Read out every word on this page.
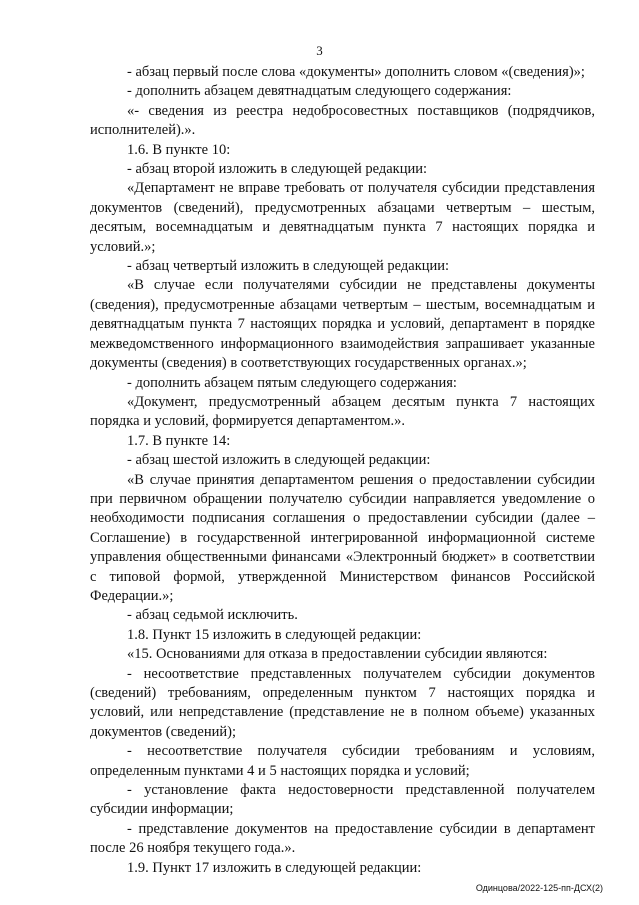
3

- абзац первый после слова «документы» дополнить словом «(сведения)»;

- дополнить абзацем девятнадцатым следующего содержания:

«- сведения из реестра недобросовестных поставщиков (подрядчиков, исполнителей).».

1.6. В пункте 10:

- абзац второй изложить в следующей редакции:

«Департамент не вправе требовать от получателя субсидии представления документов (сведений), предусмотренных абзацами четвертым – шестым, десятым, восемнадцатым и девятнадцатым пункта 7 настоящих порядка и условий.»;

- абзац четвертый изложить в следующей редакции:

«В случае если получателями субсидии не представлены документы (сведения), предусмотренные абзацами четвертым – шестым, восемнадцатым и девятнадцатым пункта 7 настоящих порядка и условий, департамент в порядке межведомственного информационного взаимодействия запрашивает указанные документы (сведения) в соответствующих государственных органах.»;

- дополнить абзацем пятым следующего содержания:

«Документ, предусмотренный абзацем десятым пункта 7 настоящих порядка и условий, формируется департаментом.».

1.7. В пункте 14:

- абзац шестой изложить в следующей редакции:

«В случае принятия департаментом решения о предоставлении субсидии при первичном обращении получателю субсидии направляется уведомление о необходимости подписания соглашения о предоставлении субсидии (далее – Соглашение) в государственной интегрированной информационной системе управления общественными финансами «Электронный бюджет» в соответствии с типовой формой, утвержденной Министерством финансов Российской Федерации.»;

- абзац седьмой исключить.

1.8. Пункт 15 изложить в следующей редакции:

«15. Основаниями для отказа в предоставлении субсидии являются:

- несоответствие представленных получателем субсидии документов (сведений) требованиям, определенным пунктом 7 настоящих порядка и условий, или непредставление (представление не в полном объеме) указанных документов (сведений);

- несоответствие получателя субсидии требованиям и условиям, определенным пунктами 4 и 5 настоящих порядка и условий;

- установление факта недостоверности представленной получателем субсидии информации;

- представление документов на предоставление субсидии в департамент после 26 ноября текущего года.».

1.9. Пункт 17 изложить в следующей редакции:

Одинцова/2022-125-пп-ДСХ(2)
